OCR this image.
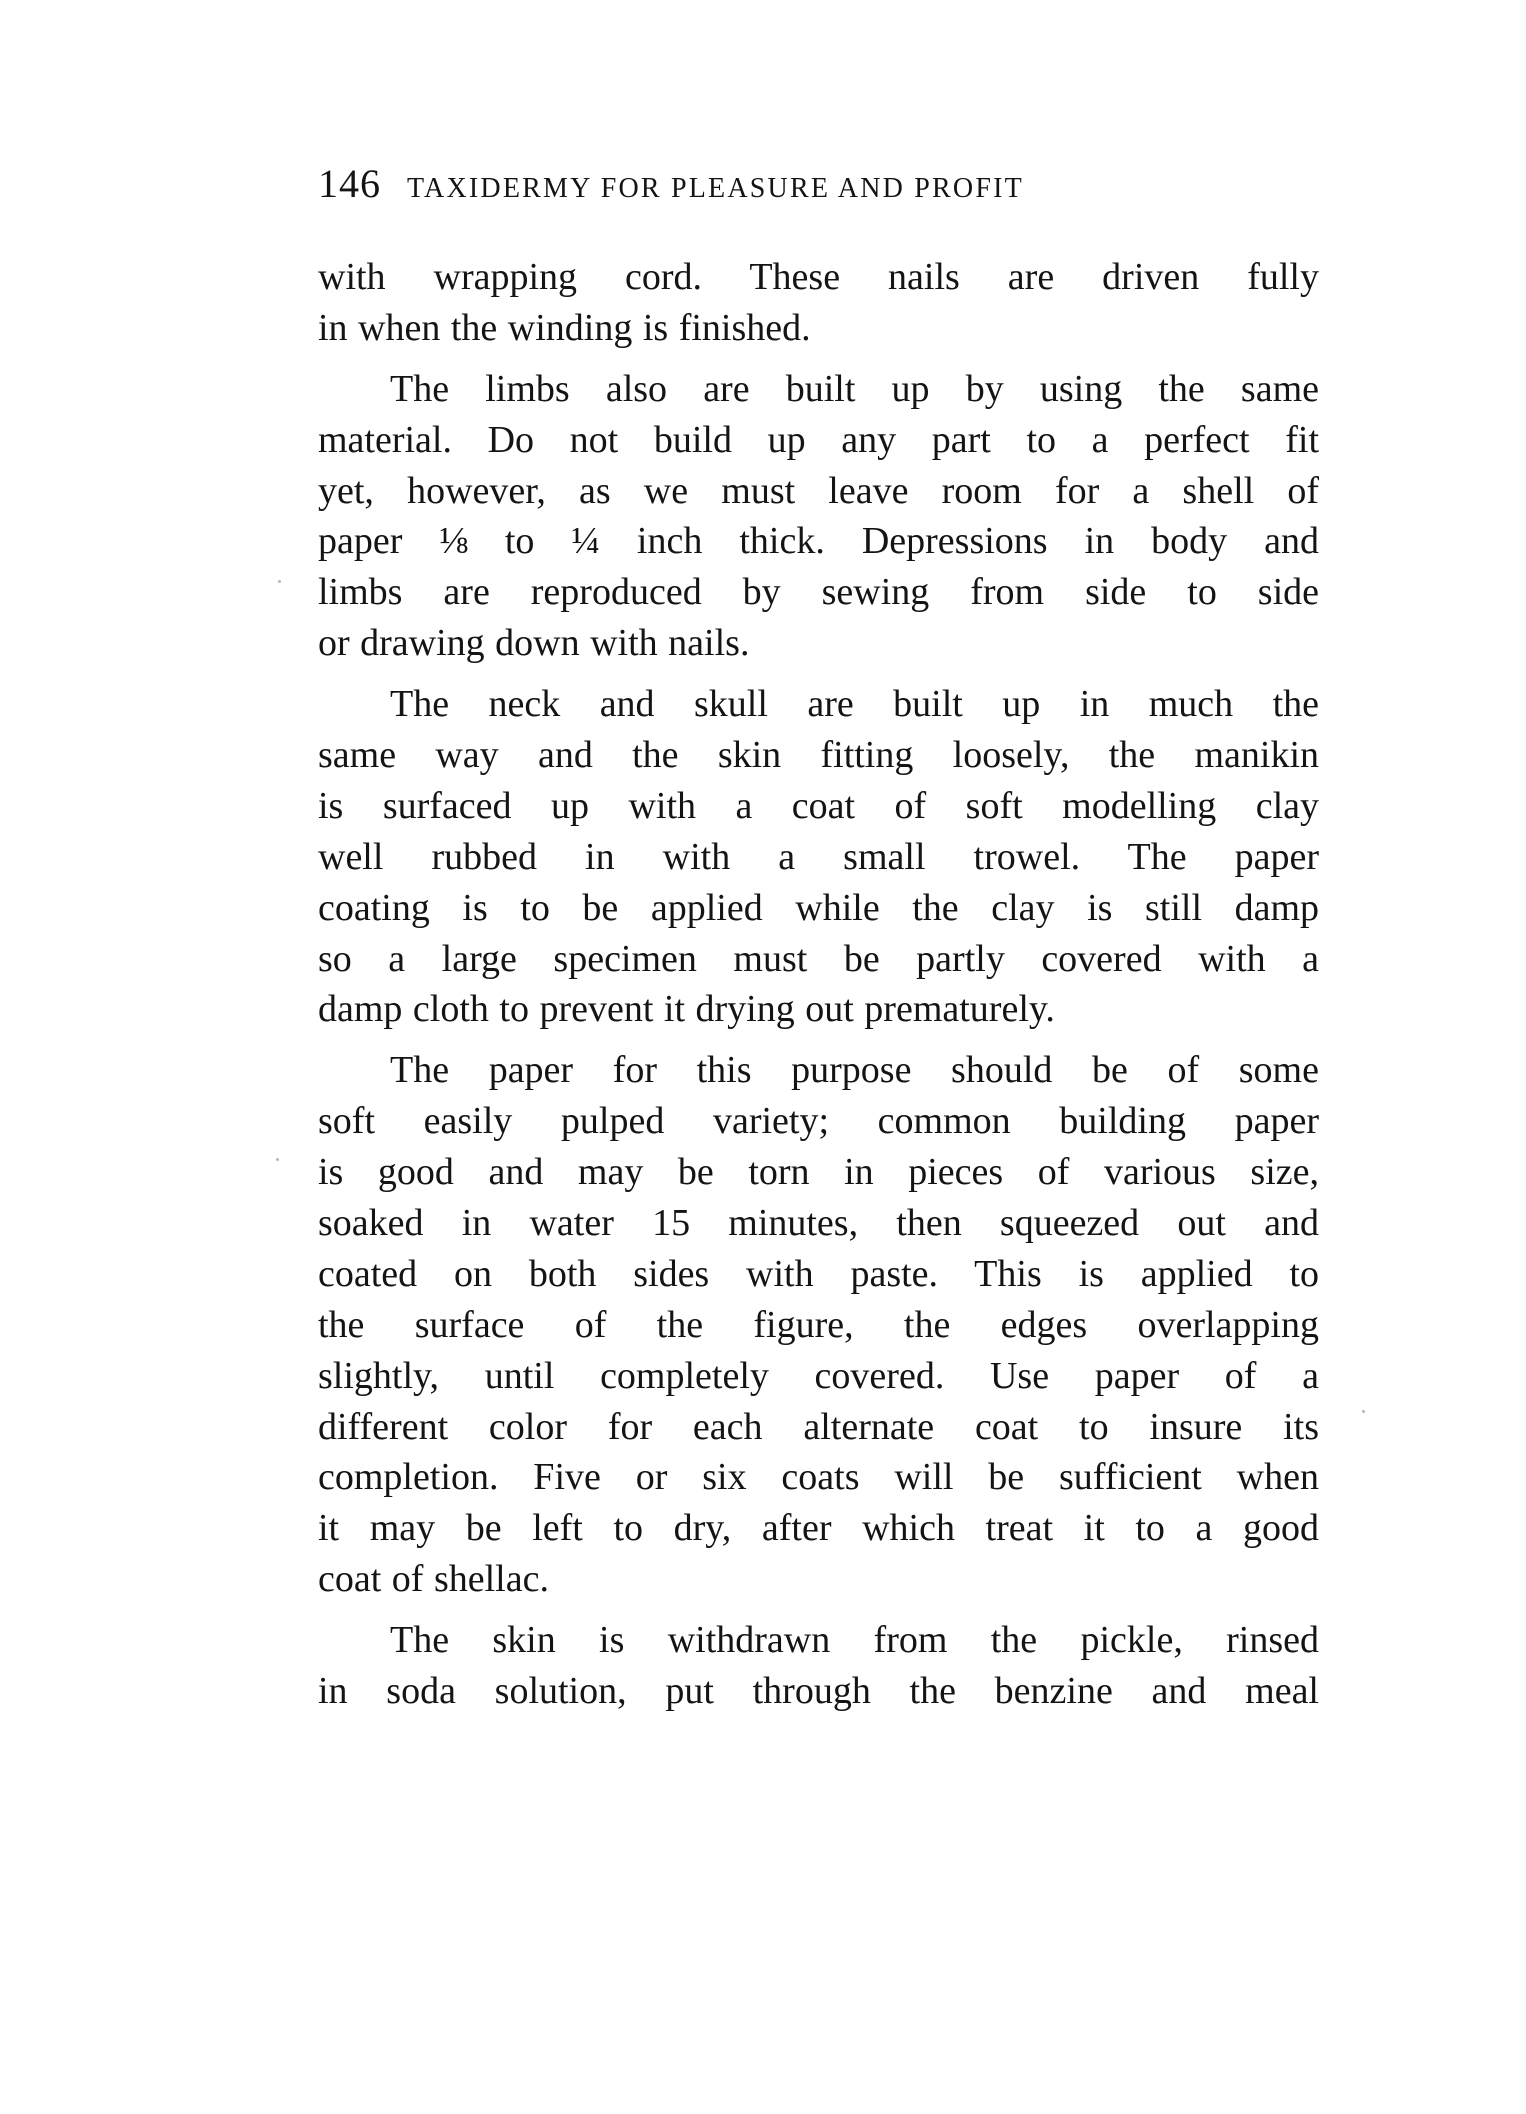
146 TAXIDERMY FOR PLEASURE AND PROFIT

with wrapping cord. These nails are driven fully
in when the winding is finished.

The limbs also are built up by using the same
material. Do not build up any part to a perfect fit
yet, however, as we must leave room for a shell of
paper ⅛ to ¼ inch thick. Depressions in body and
limbs are reproduced by sewing from side to side
or drawing down with nails.

The neck and skull are built up in much the
same way and the skin fitting loosely, the manikin
is surfaced up with a coat of soft modelling clay
well rubbed in with a small trowel. The paper
coating is to be applied while the clay is still damp
so a large specimen must be partly covered with a
damp cloth to prevent it drying out prematurely.

The paper for this purpose should be of some
soft easily pulped variety; common building paper
is good and may be torn in pieces of various size,
soaked in water 15 minutes, then squeezed out and
coated on both sides with paste. This is applied to
the surface of the figure, the edges overlapping
slightly, until completely covered. Use paper of a
different color for each alternate coat to insure its
completion. Five or six coats will be sufficient when
it may be left to dry, after which treat it to a good
coat of shellac.

The skin is withdrawn from the pickle, rinsed
in soda solution, put through the benzine and meal
